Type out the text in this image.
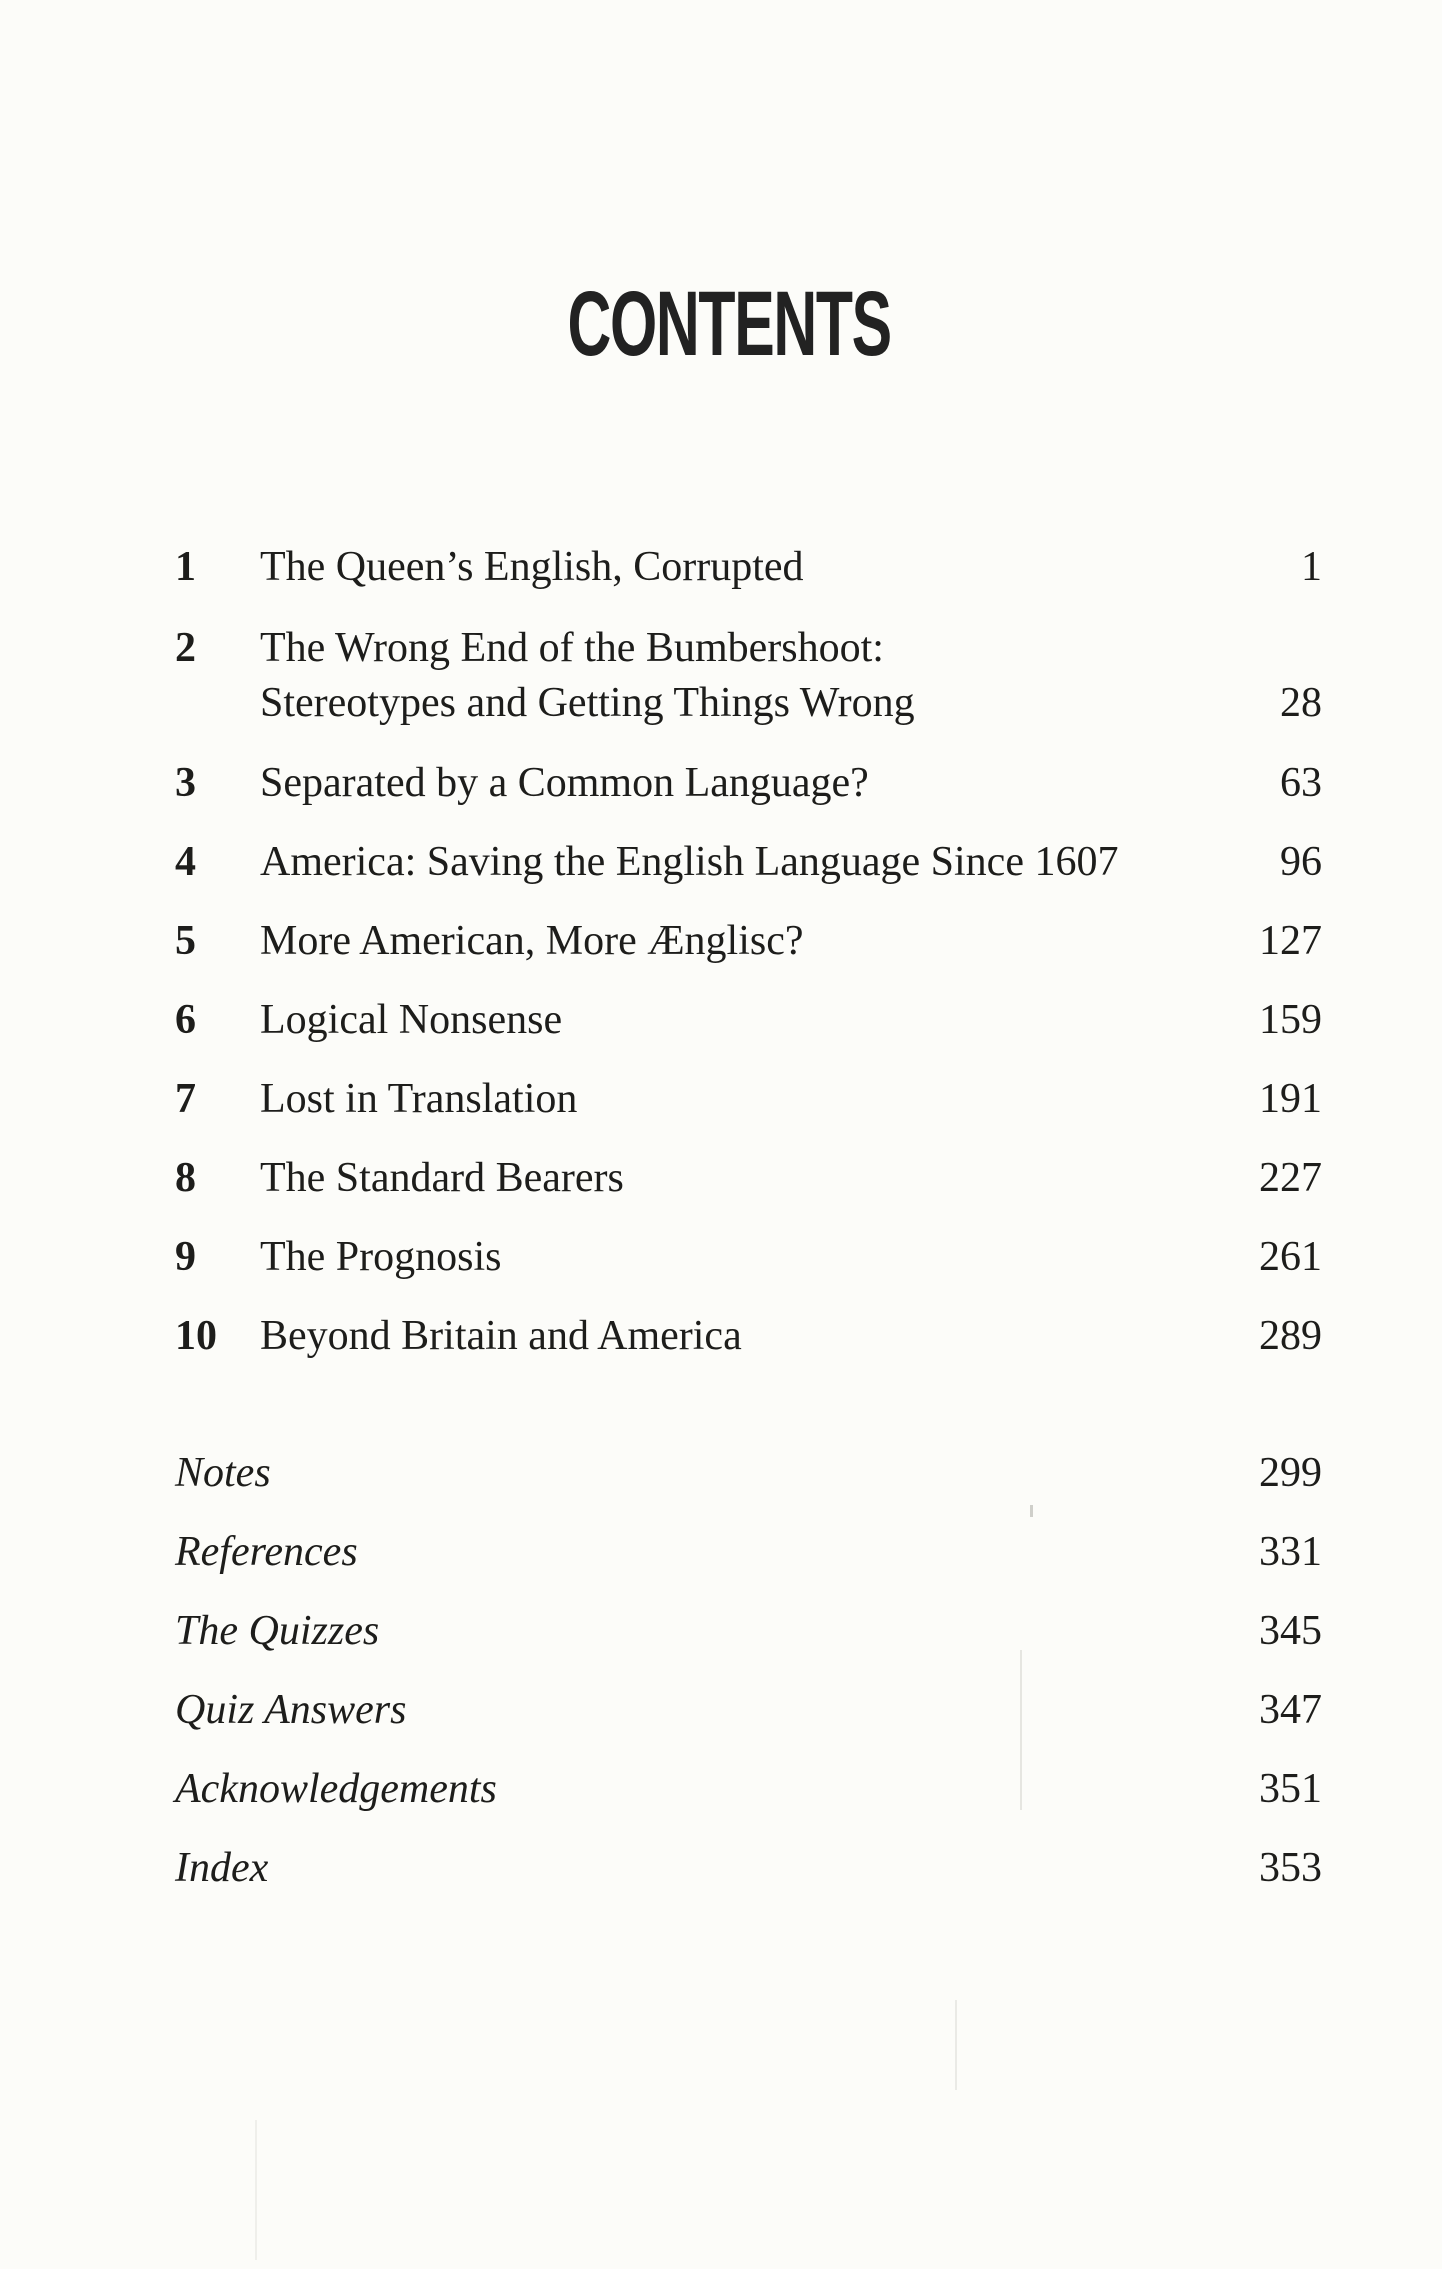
CONTENTS
1	The Queen’s English, Corrupted	1
2	The Wrong End of the Bumbershoot:
Stereotypes and Getting Things Wrong	28
3	Separated by a Common Language?	63
4	America: Saving the English Language Since 1607	96
5	More American, More Ænglisc?	127
6	Logical Nonsense	159
7	Lost in Translation	191
8	The Standard Bearers	227
9	The Prognosis	261
10	Beyond Britain and America	289
Notes	299
References	331
The Quizzes	345
Quiz Answers	347
Acknowledgements	351
Index	353
